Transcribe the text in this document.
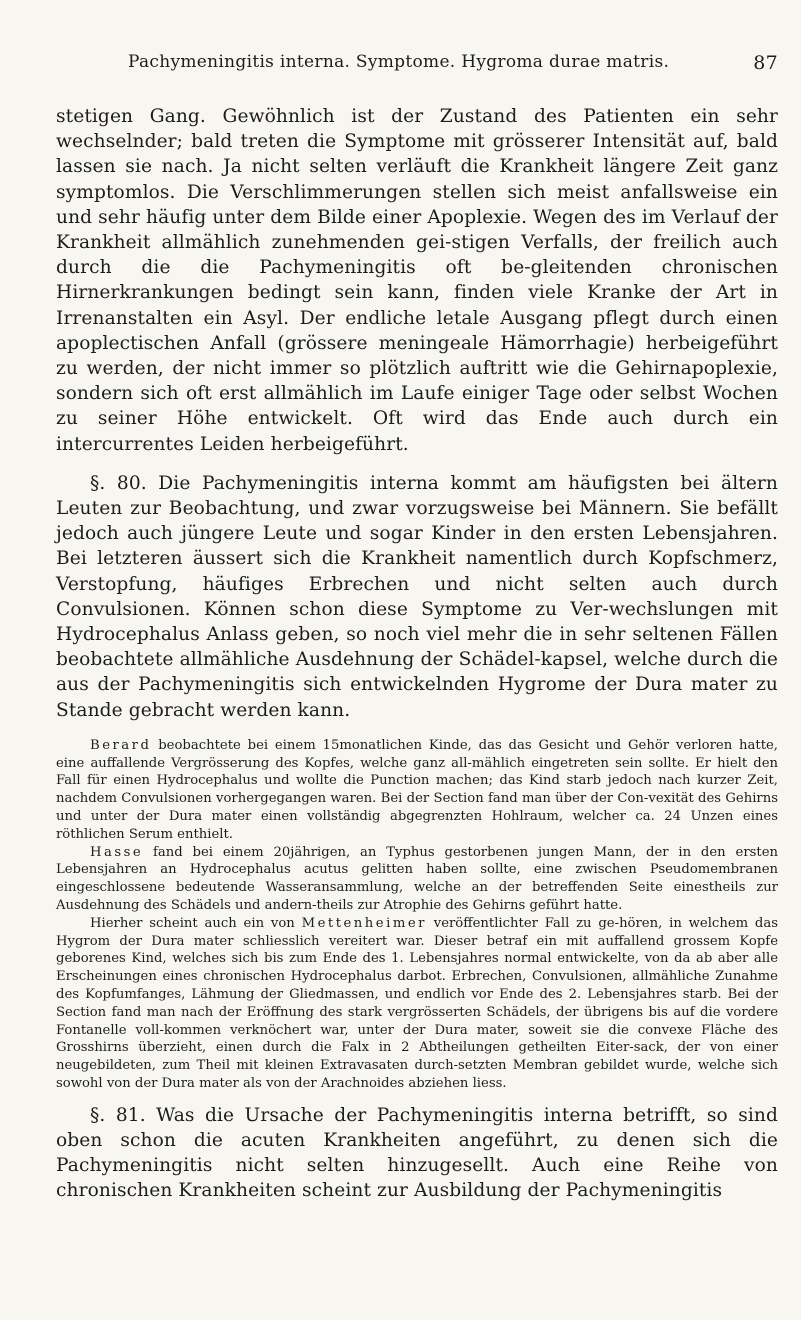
Pachymeningitis interna. Symptome. Hygroma durae matris.	87

stetigen Gang. Gewöhnlich ist der Zustand des Patienten ein sehr wechselnder; bald treten die Symptome mit grösserer Intensität auf, bald lassen sie nach. Ja nicht selten verläuft die Krankheit längere Zeit ganz symptomlos. Die Verschlimmerungen stellen sich meist anfallsweise ein und sehr häufig unter dem Bilde einer Apoplexie. Wegen des im Verlauf der Krankheit allmählich zunehmenden gei-stigen Verfalls, der freilich auch durch die die Pachymeningitis oft be-gleitenden chronischen Hirnerkrankungen bedingt sein kann, finden viele Kranke der Art in Irrenanstalten ein Asyl. Der endliche letale Ausgang pflegt durch einen apoplectischen Anfall (grössere meningeale Hämorrhagie) herbeigeführt zu werden, der nicht immer so plötzlich auftritt wie die Gehirnapoplexie, sondern sich oft erst allmählich im Laufe einiger Tage oder selbst Wochen zu seiner Höhe entwickelt. Oft wird das Ende auch durch ein intercurrentes Leiden herbeigeführt.

§. 80. Die Pachymeningitis interna kommt am häufigsten bei ältern Leuten zur Beobachtung, und zwar vorzugsweise bei Männern. Sie befällt jedoch auch jüngere Leute und sogar Kinder in den ersten Lebensjahren. Bei letzteren äussert sich die Krankheit namentlich durch Kopfschmerz, Verstopfung, häufiges Erbrechen und nicht selten auch durch Convulsionen. Können schon diese Symptome zu Ver-wechslungen mit Hydrocephalus Anlass geben, so noch viel mehr die in sehr seltenen Fällen beobachtete allmähliche Ausdehnung der Schädel-kapsel, welche durch die aus der Pachymeningitis sich entwickelnden Hygrome der Dura mater zu Stande gebracht werden kann.

Berard beobachtete bei einem 15monatlichen Kinde, das das Gesicht und Gehör verloren hatte, eine auffallende Vergrösserung des Kopfes, welche ganz all-mählich eingetreten sein sollte. Er hielt den Fall für einen Hydrocephalus und wollte die Punction machen; das Kind starb jedoch nach kurzer Zeit, nachdem Convulsionen vorhergegangen waren. Bei der Section fand man über der Con-vexität des Gehirns und unter der Dura mater einen vollständig abgegrenzten Hohlraum, welcher ca. 24 Unzen eines röthlichen Serum enthielt.

Hasse fand bei einem 20jährigen, an Typhus gestorbenen jungen Mann, der in den ersten Lebensjahren an Hydrocephalus acutus gelitten haben sollte, eine zwischen Pseudomembranen eingeschlossene bedeutende Wasseransammlung, welche an der betreffenden Seite einestheils zur Ausdehnung des Schädels und andern-theils zur Atrophie des Gehirns geführt hatte.

Hierher scheint auch ein von Mettenheimer veröffentlichter Fall zu ge-hören, in welchem das Hygrom der Dura mater schliesslich vereitert war. Dieser betraf ein mit auffallend grossem Kopfe geborenes Kind, welches sich bis zum Ende des 1. Lebensjahres normal entwickelte, von da ab aber alle Erscheinungen eines chronischen Hydrocephalus darbot. Erbrechen, Convulsionen, allmähliche Zunahme des Kopfumfanges, Lähmung der Gliedmassen, und endlich vor Ende des 2. Lebensjahres starb. Bei der Section fand man nach der Eröffnung des stark vergrösserten Schädels, der übrigens bis auf die vordere Fontanelle voll-kommen verknöchert war, unter der Dura mater, soweit sie die convexe Fläche des Grosshirns überzieht, einen durch die Falx in 2 Abtheilungen getheilten Eiter-sack, der von einer neugebildeten, zum Theil mit kleinen Extravasaten durch-setzten Membran gebildet wurde, welche sich sowohl von der Dura mater als von der Arachnoides abziehen liess.

§. 81. Was die Ursache der Pachymeningitis interna betrifft, so sind oben schon die acuten Krankheiten angeführt, zu denen sich die Pachymeningitis nicht selten hinzugesellt. Auch eine Reihe von chronischen Krankheiten scheint zur Ausbildung der Pachymeningitis
